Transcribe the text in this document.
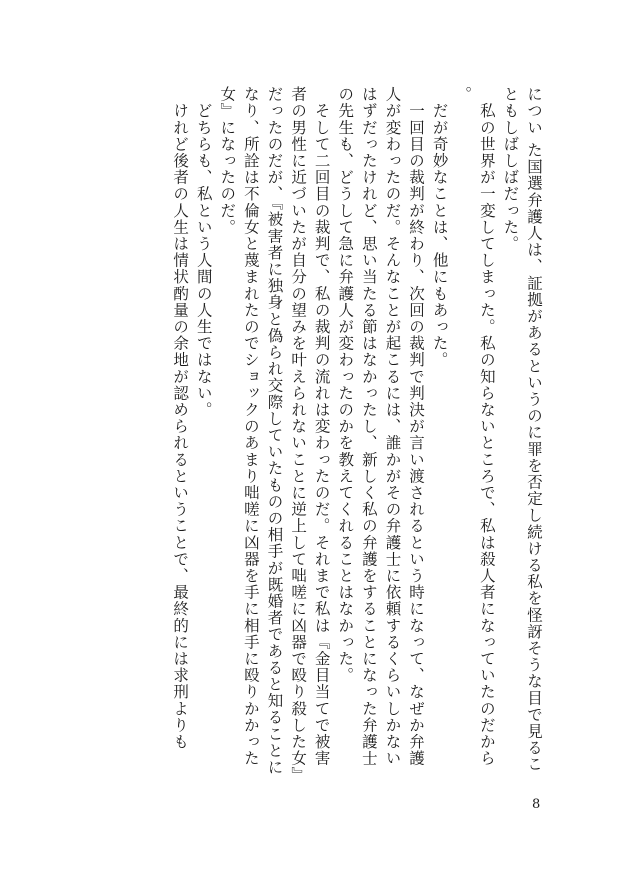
につい た国選弁護人は、証拠があるというのに罪を否定し続ける私を怪訝そうな目で見ることもしばしばだった。

　私の世界が一変してしまった。私の知らないところで、私は殺人者になっていたのだから。

　だが奇妙なことは、他にもあった。

　一回目の裁判が終わり、次回の裁判で判決が言い渡されるという時になって、なぜか弁護人が変わったのだ。そんなことが起こるには、誰かがその弁護士に依頼するくらいしかないはずだったけれど、思い当たる節はなかったし、新しく私の弁護をすることになった弁護士の先生も、どうして急に弁護人が変わったのかを教えてくれることはなかった。

　そして二回目の裁判で、私の裁判の流れは変わったのだ。それまで私は『金目当てで被害者の男性に近づいたが自分の望みを叶えられないことに逆上して咄嗟に凶器で殴り殺した女』だったのだが、『被害者に独身と偽られ交際していたものの相手が既婚者であると知ることになり、所詮は不倫女と蔑まれたのでショックのあまり咄嗟に凶器を手に相手に殴りかかった女』になったのだ。

　どちらも、私という人間の人生ではない。

　けれど後者の人生は情状酌量の余地が認められるということで、最終的には求刑よりも

8
